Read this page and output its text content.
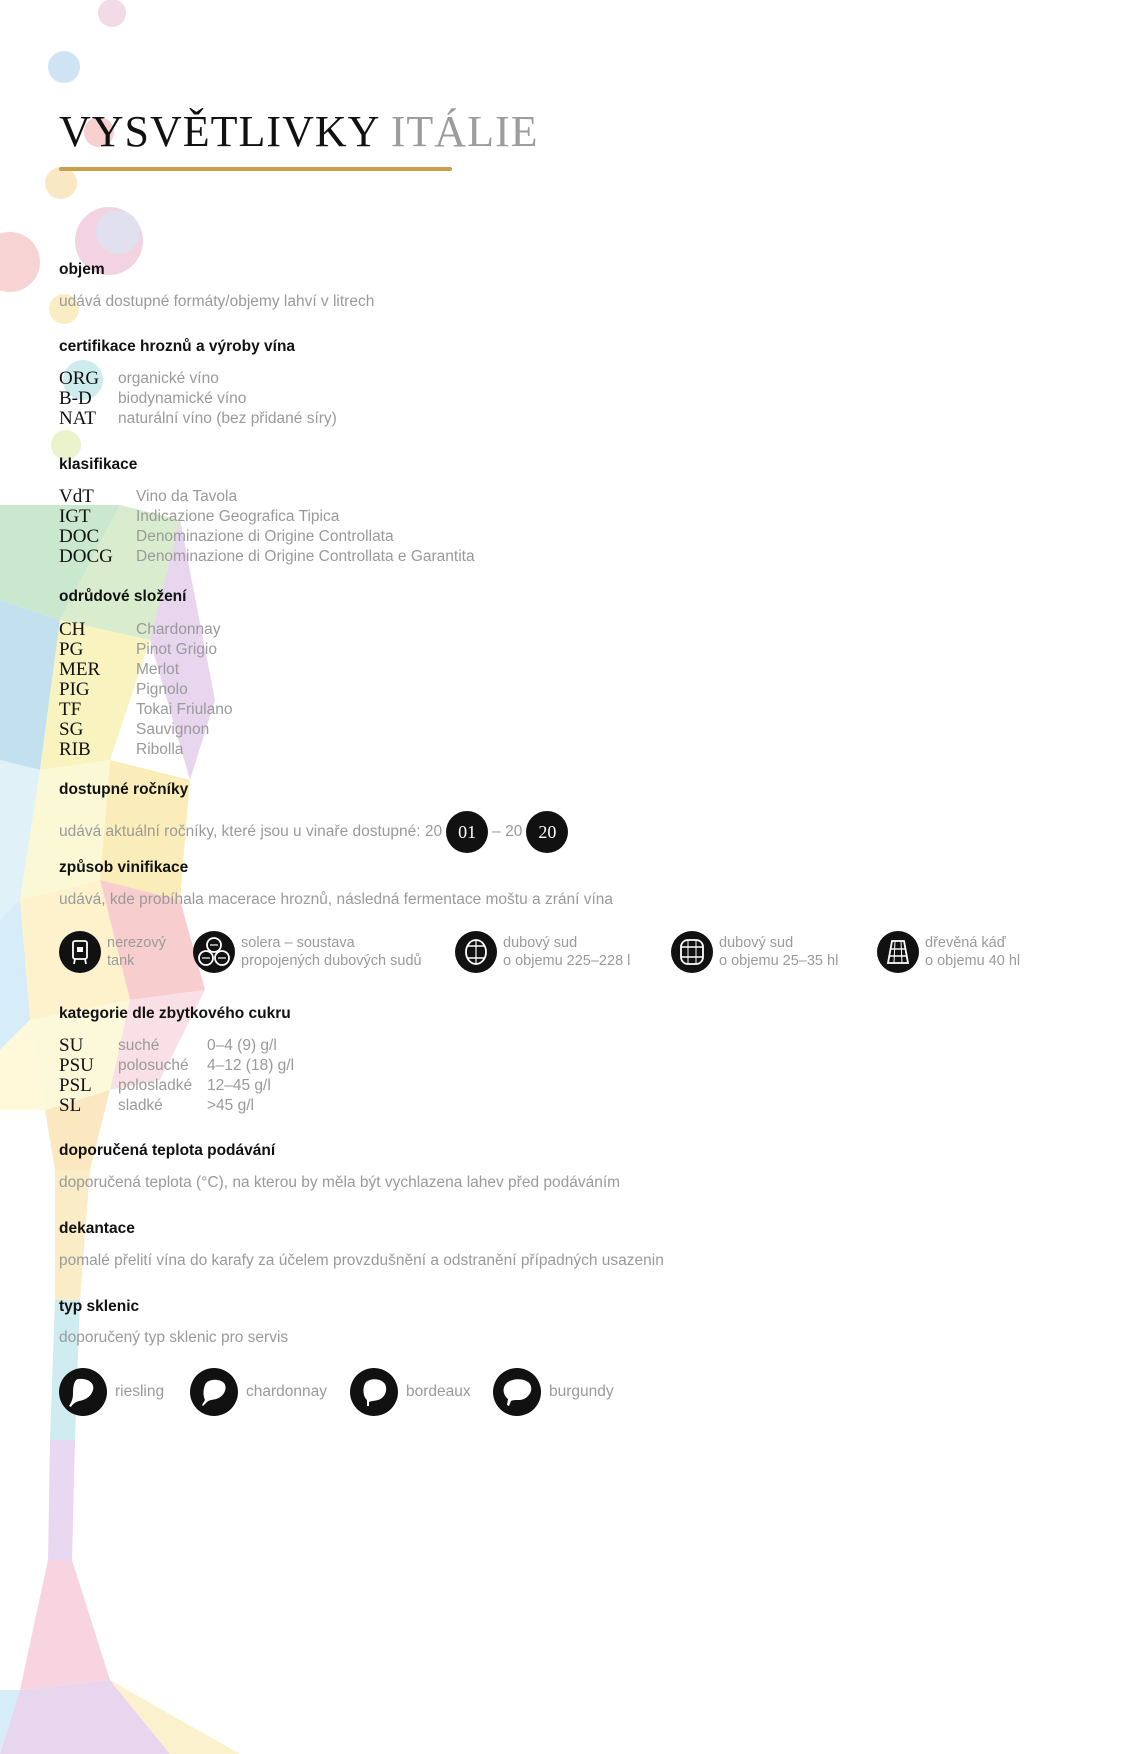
VYSVĚTLIVKY ITÁLIE
objem
udává dostupné formáty/objemy lahví v litrech
certifikace hroznů a výroby vína
ORG organické víno
B-D biodynamické víno
NAT naturální víno (bez přidané síry)
klasifikace
VdT	Vino da Tavola
IGT	Indicazione Geografica Tipica
DOC Denominazione di Origine Controllata
DOCG Denominazione di Origine Controllata e Garantita
odrůdové složení
CH	Chardonnay
PG	Pinot Grigio
MER Merlot
PIG	Pignolo
TF	Tokai Friulano
SG	Sauvignon
RIB	Ribolla
dostupné ročníky
udává aktuální ročníky, které jsou u vinaře dostupné: 20 01	– 20 20
způsob vinifikace
udává, kde probíhala macerace hroznů, následná fermentace moštu a zrání vína
nerezový
tank
solera – soustava
propojených dubových sudů
dubový sud
o objemu 225–228 l
dubový sud
o objemu 25–35 hl
dřevěná káď
o objemu 40 hl
kategorie dle zbytkového cukru
SU suché	0–4 (9) g/l
PSU polosuché 4–12 (18) g/l
PSL polosladké 12–45 g/l
SL sladké	>45 g/l
doporučená teplota podávání
doporučená teplota (°C), na kterou by měla být vychlazena lahev před podáváním
dekantace
pomalé přelití vína do karafy za účelem provzdušnění a odstranění případných usazenin
typ sklenic
doporučený typ sklenic pro servis
riesling	chardonnay	bordeaux	burgundy
